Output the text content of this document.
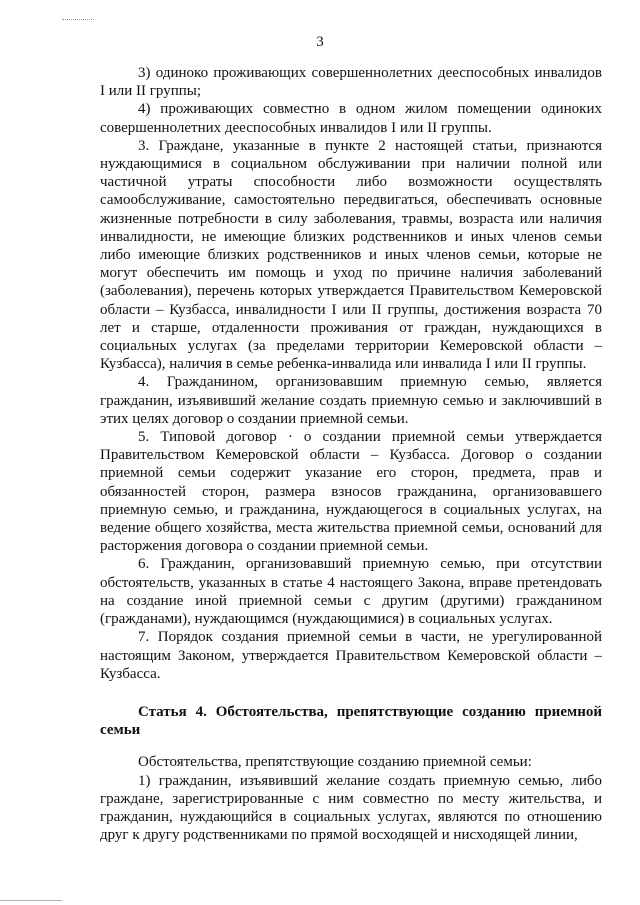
3

3) одиноко проживающих совершеннолетних дееспособных инвалидов I или II группы;

4) проживающих совместно в одном жилом помещении одиноких совершеннолетних дееспособных инвалидов I или II группы.

3. Граждане, указанные в пункте 2 настоящей статьи, признаются нуждающимися в социальном обслуживании при наличии полной или частичной утраты способности либо возможности осуществлять самообслуживание, самостоятельно передвигаться, обеспечивать основные жизненные потребности в силу заболевания, травмы, возраста или наличия инвалидности, не имеющие близких родственников и иных членов семьи либо имеющие близких родственников и иных членов семьи, которые не могут обеспечить им помощь и уход по причине наличия заболеваний (заболевания), перечень которых утверждается Правительством Кемеровской области – Кузбасса, инвалидности I или II группы, достижения возраста 70 лет и старше, отдаленности проживания от граждан, нуждающихся в социальных услугах (за пределами территории Кемеровской области – Кузбасса), наличия в семье ребенка-инвалида или инвалида I или II группы.

4. Гражданином, организовавшим приемную семью, является гражданин, изъявивший желание создать приемную семью и заключивший в этих целях договор о создании приемной семьи.

5. Типовой договор · о создании приемной семьи утверждается Правительством Кемеровской области – Кузбасса. Договор о создании приемной семьи содержит указание его сторон, предмета, прав и обязанностей сторон, размера взносов гражданина, организовавшего приемную семью, и гражданина, нуждающегося в социальных услугах, на ведение общего хозяйства, места жительства приемной семьи, оснований для расторжения договора о создании приемной семьи.

6. Гражданин, организовавший приемную семью, при отсутствии обстоятельств, указанных в статье 4 настоящего Закона, вправе претендовать на создание иной приемной семьи с другим (другими) гражданином (гражданами), нуждающимся (нуждающимися) в социальных услугах.

7. Порядок создания приемной семьи в части, не урегулированной настоящим Законом, утверждается Правительством Кемеровской области – Кузбасса.

Статья 4. Обстоятельства, препятствующие созданию приемной семьи

Обстоятельства, препятствующие созданию приемной семьи:

1) гражданин, изъявивший желание создать приемную семью, либо граждане, зарегистрированные с ним совместно по месту жительства, и гражданин, нуждающийся в социальных услугах, являются по отношению друг к другу родственниками по прямой восходящей и нисходящей линии,
